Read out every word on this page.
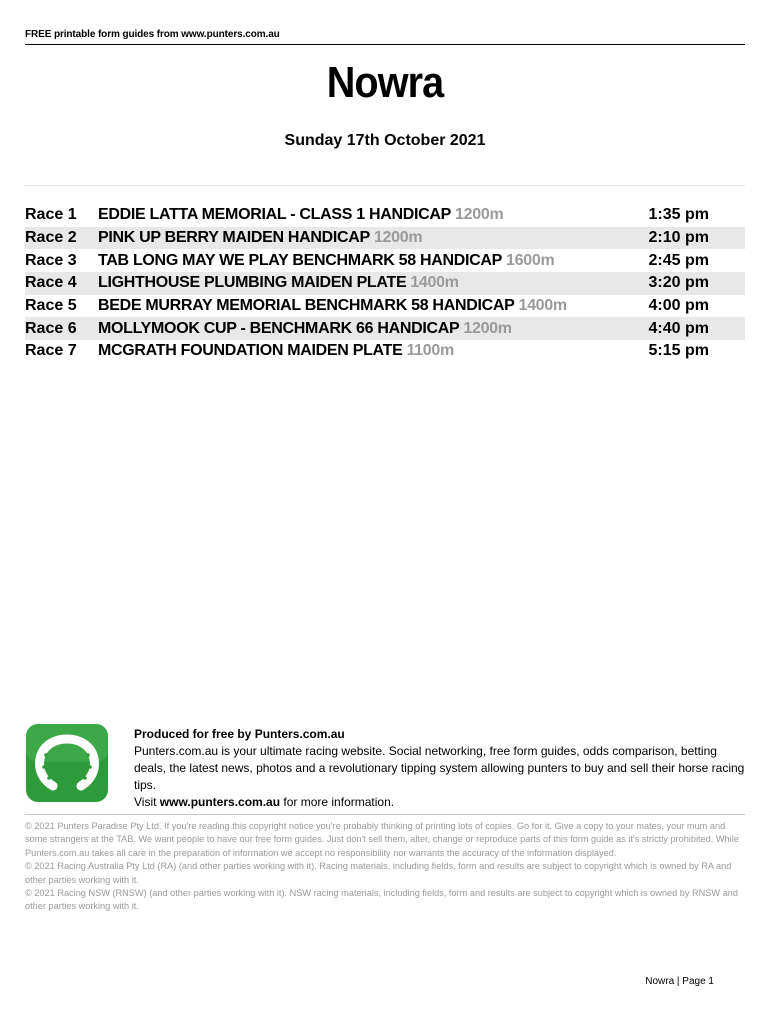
FREE printable form guides from www.punters.com.au
Nowra
Sunday 17th October 2021
Race 1	EDDIE LATTA MEMORIAL - CLASS 1 HANDICAP 1200m	1:35 pm
Race 2	PINK UP BERRY MAIDEN HANDICAP 1200m	2:10 pm
Race 3	TAB LONG MAY WE PLAY BENCHMARK 58 HANDICAP 1600m	2:45 pm
Race 4	LIGHTHOUSE PLUMBING MAIDEN PLATE 1400m	3:20 pm
Race 5	BEDE MURRAY MEMORIAL BENCHMARK 58 HANDICAP 1400m	4:00 pm
Race 6	MOLLYMOOK CUP - BENCHMARK 66 HANDICAP 1200m	4:40 pm
Race 7	MCGRATH FOUNDATION MAIDEN PLATE 1100m	5:15 pm
Produced for free by Punters.com.au
Punters.com.au is your ultimate racing website. Social networking, free form guides, odds comparison, betting deals, the latest news, photos and a revolutionary tipping system allowing punters to buy and sell their horse racing tips.
Visit www.punters.com.au for more information.

© 2021 Punters Paradise Pty Ltd. If you're reading this copyright notice you're probably thinking of printing lots of copies. Go for it. Give a copy to your mates, your mum and some strangers at the TAB. We want people to have our free form guides. Just don't sell them, alter, change or reproduce parts of this form guide as it's strictly prohibited. While Punters.com.au takes all care in the preparation of information we accept no responsibility nor warrants the accuracy of the information displayed.

© 2021 Racing Australia Pty Ltd (RA) (and other parties working with it). Racing materials, including fields, form and results are subject to copyright which is owned by RA and other parties working with it.

© 2021 Racing NSW (RNSW) (and other parties working with it). NSW racing materials, including fields, form and results are subject to copyright which is owned by RNSW and other parties working with it.

Nowra | Page 1
